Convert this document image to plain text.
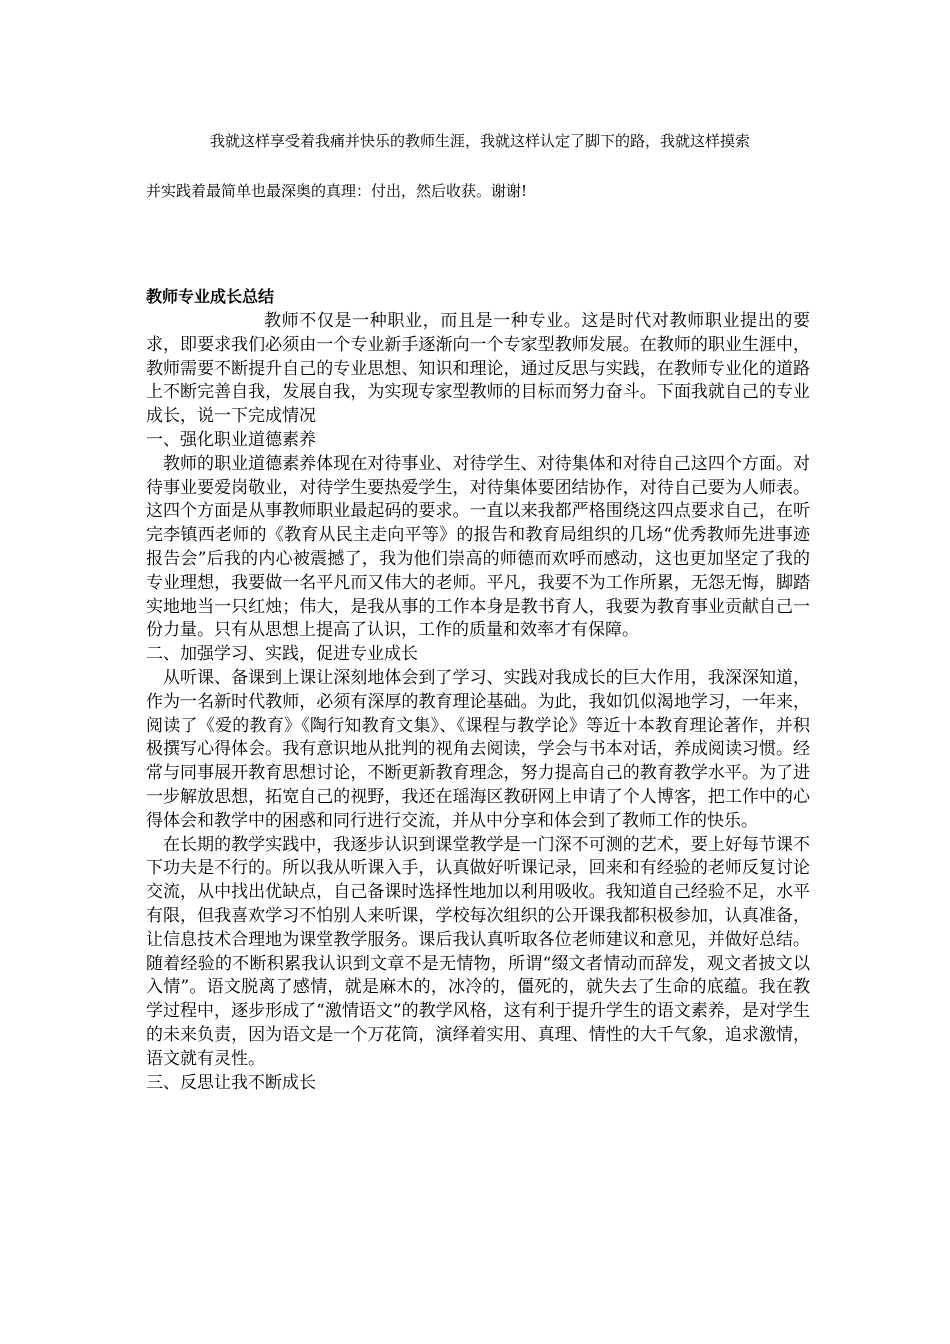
我就这样享受着我痛并快乐的教师生涯，我就这样认定了脚下的路，我就这样摸索
并实践着最简单也最深奥的真理：付出，然后收获。谢谢!
教师专业成长总结

教师不仅是一种职业，而且是一种专业。这是时代对教师职业提出的要求，即要求我们必须由一个专业新手逐渐向一个专家型教师发展。在教师的职业生涯中，教师需要不断提升自己的专业思想、知识和理论，通过反思与实践，在教师专业化的道路上不断完善自我，发展自我，为实现专家型教师的目标而努力奋斗。下面我就自己的专业成长，说一下完成情况

一、强化职业道德素养

教师的职业道德素养体现在对待事业、对待学生、对待集体和对待自己这四个方面。对待事业要爱岗敬业，对待学生要热爱学生，对待集体要团结协作，对待自己要为人师表。这四个方面是从事教师职业最起码的要求。一直以来我都严格围绕这四点要求自己，在听完李镇西老师的《教育从民主走向平等》的报告和教育局组织的几场“优秀教师先进事迹报告会”后我的内心被震撼了，我为他们崇高的师德而欢呼而感动，这也更加坚定了我的专业理想，我要做一名平凡而又伟大的老师。平凡，我要不为工作所累，无怨无悔，脚踏实地地当一只红烛；伟大，是我从事的工作本身是教书育人，我要为教育事业贡献自己一份力量。只有从思想上提高了认识，工作的质量和效率才有保障。

二、加强学习、实践，促进专业成长

从听课、备课到上课让深刻地体会到了学习、实践对我成长的巨大作用，我深深知道，作为一名新时代教师，必须有深厚的教育理论基础。为此，我如饥似渴地学习，一年来，阅读了《爱的教育》《陶行知教育文集》、《课程与教学论》等近十本教育理论著作，并积极撰写心得体会。我有意识地从批判的视角去阅读，学会与书本对话，养成阅读习惯。经常与同事展开教育思想讨论，不断更新教育理念，努力提高自己的教育教学水平。为了进一步解放思想，拓宽自己的视野，我还在瑶海区教研网上申请了个人博客，把工作中的心得体会和教学中的困惑和同行进行交流，并从中分享和体会到了教师工作的快乐。

在长期的教学实践中，我逐步认识到课堂教学是一门深不可测的艺术，要上好每节课不下功夫是不行的。所以我从听课入手，认真做好听课记录，回来和有经验的老师反复讨论交流，从中找出优缺点，自己备课时选择性地加以利用吸收。我知道自己经验不足，水平有限，但我喜欢学习不怕别人来听课，学校每次组织的公开课我都积极参加，认真准备，让信息技术合理地为课堂教学服务。课后我认真听取各位老师建议和意见，并做好总结。随着经验的不断积累我认识到文章不是无情物，所谓“缀文者情动而辞发，观文者披文以入情”。语文脱离了感情，就是麻木的，冰冷的，僵死的，就失去了生命的底蕴。我在教学过程中，逐步形成了“激情语文”的教学风格，这有利于提升学生的语文素养，是对学生的未来负责，因为语文是一个万花筒，演绎着实用、真理、情性的大千气象，追求激情，语文就有灵性。

三、反思让我不断成长
